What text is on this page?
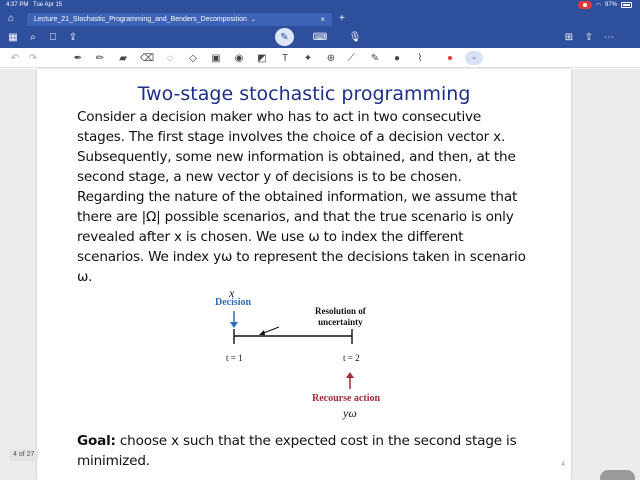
4:37 PM Tue Apr 15	◠ 97%
⌂	Lecture_21_Stochastic_Programming_and_Benders_Decomposition ⌄	× +
▦	⌕	⎕	⇪	✎	⌨ 🎙	⊞ ⇧ ⋯
↶ ↷	✒ ✏	▰	⌫	◌	◇	▣ ◉ ◩	T	✦ ⊕	⟋	✎	●	⌇	⌄
Two-stage stochastic programming
Consider a decision maker who has to act in two consecutive
stages. The first stage involves the choice of a decision vector x.
Subsequently, some new information is obtained, and then, at the
second stage, a new vector y of decisions is to be chosen.
Regarding the nature of the obtained information, we assume that
there are |Ω| possible scenarios, and that the true scenario is only
revealed after x is chosen. We use ω to index the different
scenarios. We index yω to represent the decisions taken in scenario
ω.
x
Decision
Resolution of
uncertainty
t = 1	t = 2
Recourse action
yω
Goal: choose x such that the expected cost in the second stage is
minimized.	4
4 of 27
